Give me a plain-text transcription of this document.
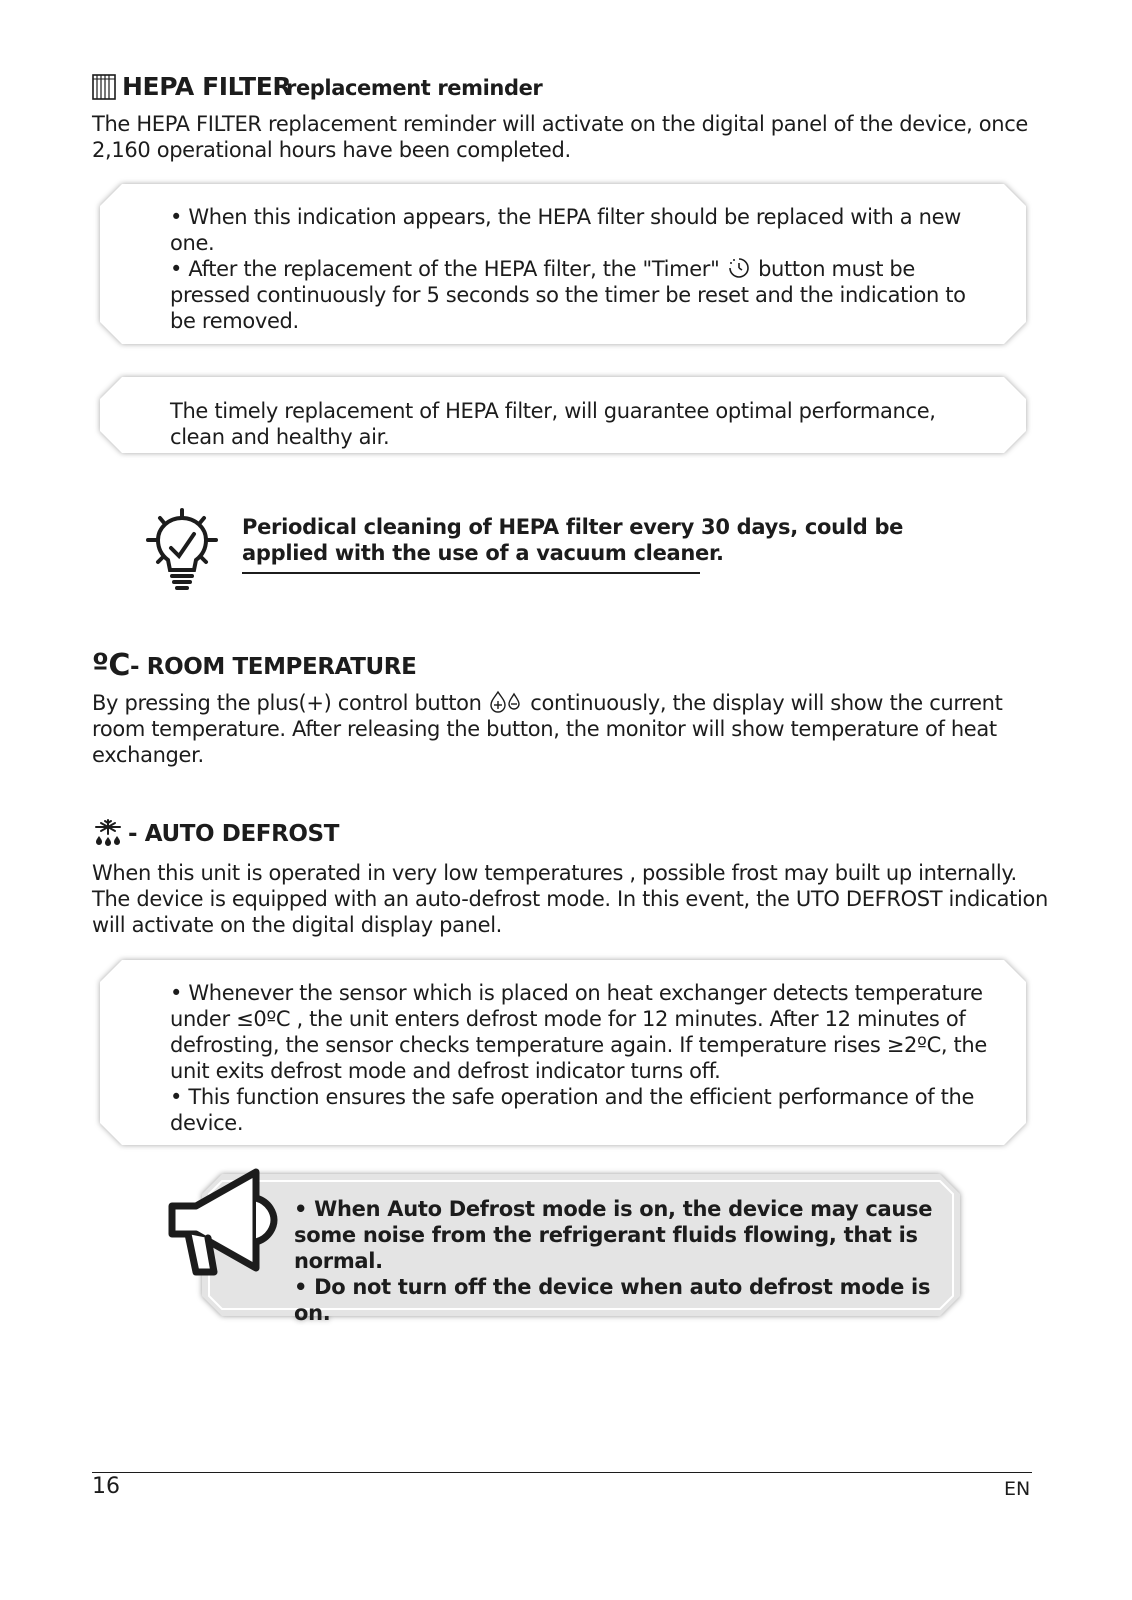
HEPA FILTER
replacement reminder
The HEPA FILTER replacement reminder will activate on the digital panel of the device, once
2,160 operational hours have been completed.
• When this indication appears, the HEPA filter should be replaced with a new
one.
• After the replacement of the HEPA filter, the "Timer" button must be
pressed continuously for 5 seconds so the timer be reset and the indication to
be removed.
The timely replacement of HEPA filter, will guarantee optimal performance,
clean and healthy air.
Periodical cleaning of HEPA filter every 30 days, could be
applied with the use of a vacuum cleaner.
ºC - ROOM TEMPERATURE
By pressing the plus(+) control button continuously, the display will show the current
room temperature. After releasing the button, the monitor will show temperature of heat
exchanger.
- AUTO DEFROST
When this unit is operated in very low temperatures , possible frost may built up internally.
The device is equipped with an auto-defrost mode. In this event, the UTO DEFROST indication
will activate on the digital display panel.
• Whenever the sensor which is placed on heat exchanger detects temperature
under ≤0ºC , the unit enters defrost mode for 12 minutes. After 12 minutes of
defrosting, the sensor checks temperature again. If temperature rises ≥2ºC, the
unit exits defrost mode and defrost indicator turns off.
• This function ensures the safe operation and the efficient performance of the
device.
• When Auto Defrost mode is on, the device may cause
some noise from the refrigerant fluids flowing, that is
normal.
• Do not turn off the device when auto defrost mode is on.
16	EN
